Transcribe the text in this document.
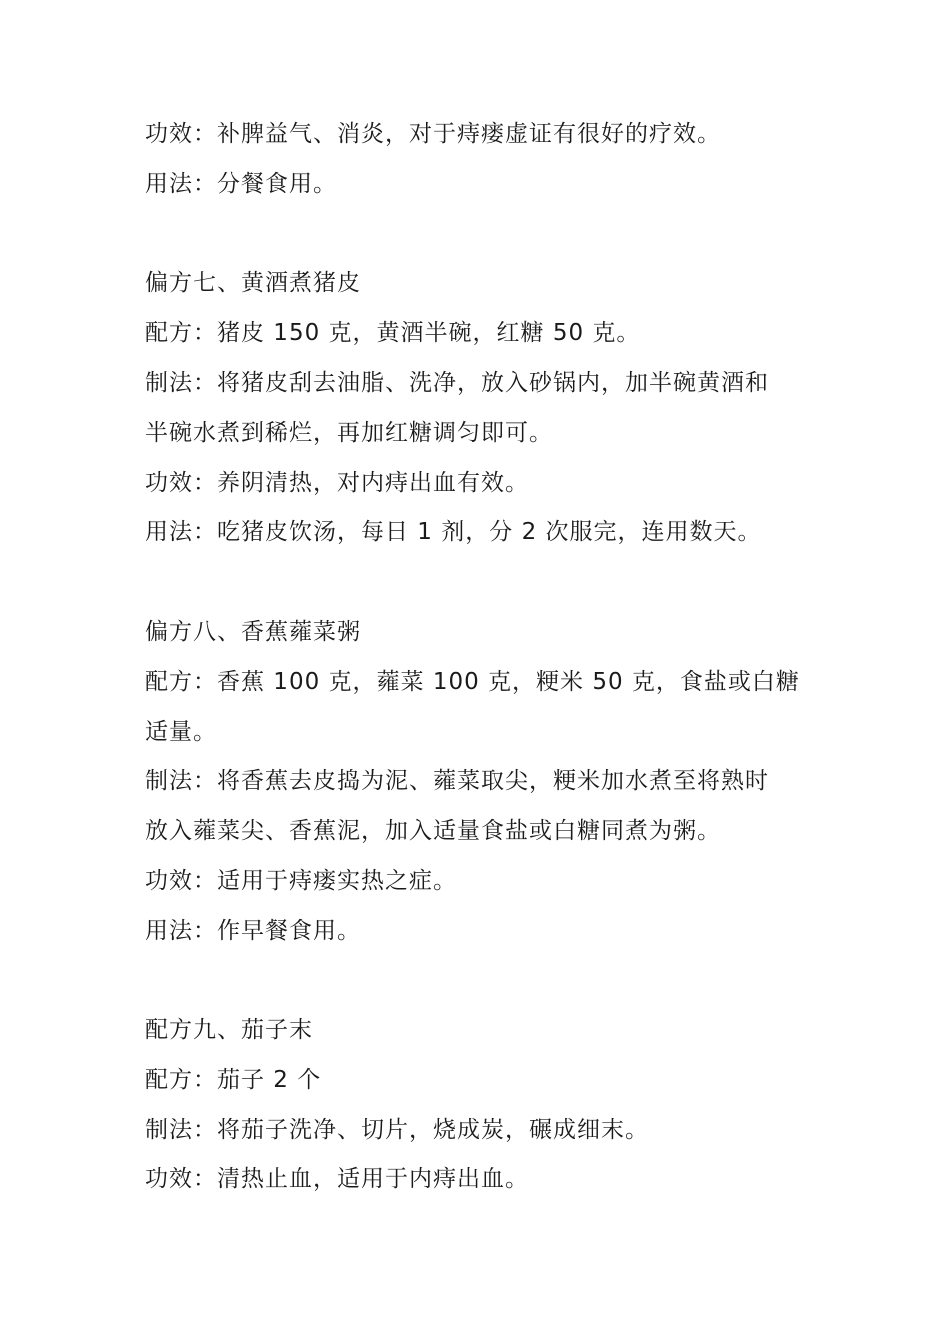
功效：补脾益气、消炎，对于痔瘘虚证有很好的疗效。
用法：分餐食用。
偏方七、黄酒煮猪皮
配方：猪皮 150 克，黄酒半碗，红糖 50 克。
制法：将猪皮刮去油脂、洗净，放入砂锅内，加半碗黄酒和
半碗水煮到稀烂，再加红糖调匀即可。
功效：养阴清热，对内痔出血有效。
用法：吃猪皮饮汤，每日 1 剂，分 2 次服完，连用数天。
偏方八、香蕉蕹菜粥
配方：香蕉 100 克，蕹菜 100 克，粳米 50 克，食盐或白糖
适量。
制法：将香蕉去皮捣为泥、蕹菜取尖，粳米加水煮至将熟时
放入蕹菜尖、香蕉泥，加入适量食盐或白糖同煮为粥。
功效：适用于痔瘘实热之症。
用法：作早餐食用。
配方九、茄子末
配方：茄子 2 个
制法：将茄子洗净、切片，烧成炭，碾成细末。
功效：清热止血，适用于内痔出血。
